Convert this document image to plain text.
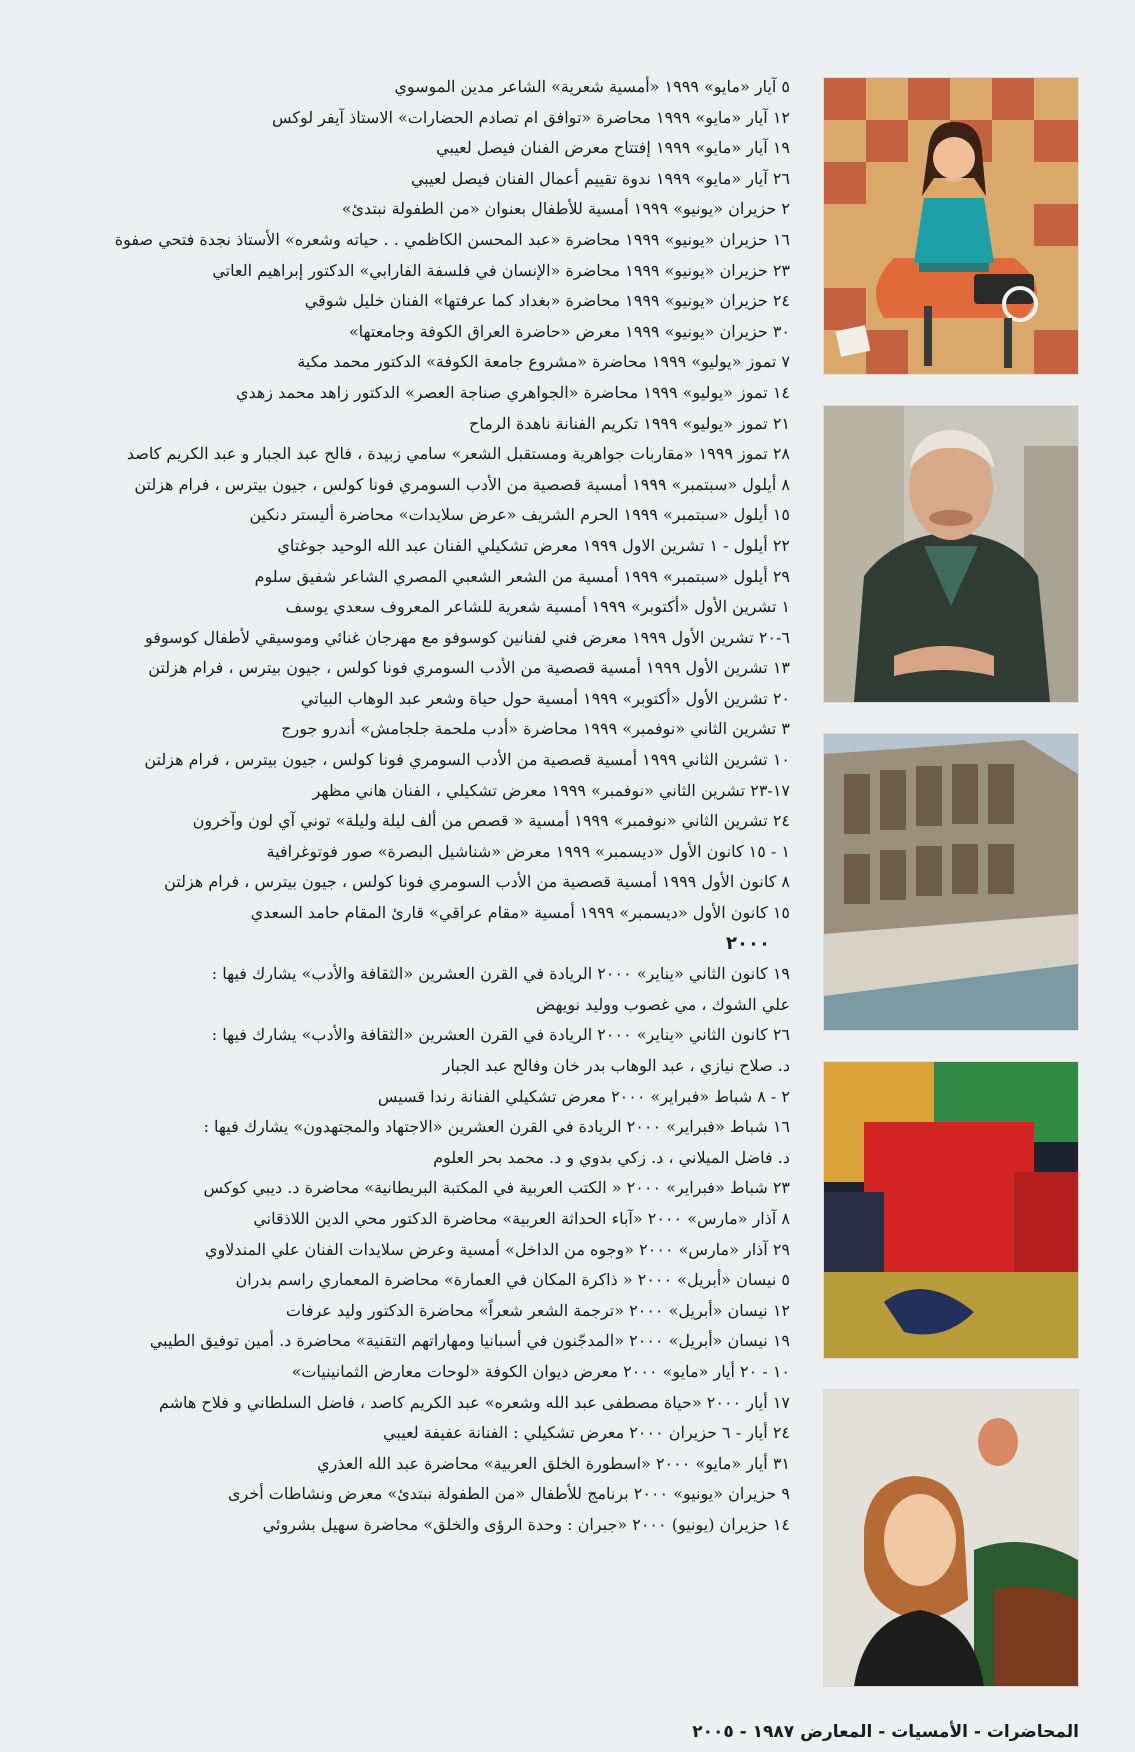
٥ آيار «مايو» ١٩٩٩ «أمسية شعرية» الشاعر مدين الموسوي
١٢ آيار «مايو» ١٩٩٩ محاضرة «توافق ام تصادم الحضارات» الاستاذ آيفر لوكس
١٩ آيار «مايو» ١٩٩٩ إفتتاح معرض الفنان فيصل لعيبي
٢٦ آيار «مايو» ١٩٩٩ ندوة تقييم أعمال الفنان فيصل لعيبي
٢ حزيران «يونيو» ١٩٩٩ أمسية للأطفال بعنوان «من الطفولة نبتدئ»
١٦ حزيران «يونيو» ١٩٩٩ محاضرة «عبد المحسن الكاظمي . . حياته وشعره» الأستاذ نجدة فتحي صفوة
٢٣ حزيران «يونيو» ١٩٩٩ محاضرة «الإنسان في فلسفة الفارابي» الدكتور إبراهيم العاتي
٢٤ حزيران «يونيو» ١٩٩٩ محاضرة «بغداد كما عرفتها» الفنان خليل شوقي
٣٠ حزيران «يونيو» ١٩٩٩ معرض «حاضرة العراق الكوفة وجامعتها»
٧ تموز «يوليو» ١٩٩٩ محاضرة «مشروع جامعة الكوفة» الدكتور محمد مكية
١٤ تموز «يوليو» ١٩٩٩ محاضرة «الجواهري صناجة العصر» الدكتور زاهد محمد زهدي
٢١ تموز «يوليو» ١٩٩٩ تكريم الفنانة ناهدة الرماح
٢٨ تموز ١٩٩٩ «مقاربات جواهرية ومستقبل الشعر» سامي زبيدة ، فالح عبد الجبار و عبد الكريم كاصد
٨ أيلول «سبتمبر» ١٩٩٩ أمسية قصصية من الأدب السومري فونا كولس ، جيون بيترس ، فرام هزلتن
١٥ أيلول «سبتمبر» ١٩٩٩ الحرم الشريف «عرض سلايدات» محاضرة أليستر دنكين
٢٢ أيلول - ١ تشرين الاول ١٩٩٩ معرض تشكيلي الفنان عبد الله الوحيد جوغتاي
٢٩ أيلول «سبتمبر» ١٩٩٩ أمسية من الشعر الشعبي المصري الشاعر شفيق سلوم
١ تشرين الأول «أكتوبر» ١٩٩٩ أمسية شعرية للشاعر المعروف سعدي يوسف
٦-٢٠ تشرين الأول ١٩٩٩ معرض فني لفنانين كوسوفو مع مهرجان غنائي وموسيقي لأطفال كوسوفو
١٣ تشرين الأول ١٩٩٩ أمسية قصصية من الأدب السومري فونا كولس ، جيون بيترس ، فرام هزلتن
٢٠ تشرين الأول «أكتوبر» ١٩٩٩ أمسية حول حياة وشعر عبد الوهاب البياتي
٣ تشرين الثاني «نوفمبر» ١٩٩٩ محاضرة «أدب ملحمة جلجامش» أندرو جورج
١٠ تشرين الثاني ١٩٩٩ أمسية قصصية من الأدب السومري فونا كولس ، جيون بيترس ، فرام هزلتن
١٧-٢٣ تشرين الثاني «نوفمبر» ١٩٩٩ معرض تشكيلي ، الفنان هاني مظهر
٢٤ تشرين الثاني «نوفمبر» ١٩٩٩ أمسية « قصص من ألف ليلة وليلة» توني آي لون وآخرون
١ - ١٥ كانون الأول «ديسمبر» ١٩٩٩ معرض «شناشيل البصرة» صور فوتوغرافية
٨ كانون الأول ١٩٩٩ أمسية قصصية من الأدب السومري فونا كولس ، جيون بيترس ، فرام هزلتن
١٥ كانون الأول «ديسمبر» ١٩٩٩ أمسية «مقام عراقي» قارئ المقام حامد السعدي
٢٠٠٠
١٩ كانون الثاني «يناير» ٢٠٠٠ الريادة في القرن العشرين «الثقافة والأدب» يشارك فيها :
علي الشوك ، مي غصوب ووليد نويهض
٢٦ كانون الثاني «يناير» ٢٠٠٠ الريادة في القرن العشرين «الثقافة والأدب» يشارك فيها :
د. صلاح نيازي ، عبد الوهاب بدر خان وفالح عبد الجبار
٢ - ٨ شباط «فبراير» ٢٠٠٠ معرض تشكيلي الفنانة رندا قسيس
١٦ شباط «فبراير» ٢٠٠٠ الريادة في القرن العشرين «الاجتهاد والمجتهدون» يشارك فيها :
د. فاضل الميلاني ، د. زكي بدوي و د. محمد بحر العلوم
٢٣ شباط «فبراير» ٢٠٠٠ « الكتب العربية في المكتبة البريطانية» محاضرة د. ديبي كوكس
٨ آذار «مارس» ٢٠٠٠ «آباء الحداثة العربية» محاضرة الدكتور محي الدين اللاذقاني
٢٩ آذار «مارس» ٢٠٠٠ «وجوه من الداخل» أمسية وعرض سلايدات الفنان علي المندلاوي
٥ نيسان «أبريل» ٢٠٠٠ « ذاكرة المكان في العمارة» محاضرة المعماري راسم بدران
١٢ نيسان «أبريل» ٢٠٠٠ «ترجمة الشعر شعراً» محاضرة الدكتور وليد عرفات
١٩ نيسان «أبريل» ٢٠٠٠ «المدجّنون في أسبانيا ومهاراتهم التقنية» محاضرة د. أمين توفيق الطيبي
١٠ - ٢٠ أيار «مايو» ٢٠٠٠ معرض ديوان الكوفة «لوحات معارض الثمانينيات»
١٧ أيار ٢٠٠٠ «حياة مصطفى عبد الله وشعره» عبد الكريم كاصد ، فاضل السلطاني و فلاح هاشم
٢٤ أيار - ٦ حزيران ٢٠٠٠ معرض تشكيلي : الفنانة عفيفة لعيبي
٣١ أيار «مايو» ٢٠٠٠ «اسطورة الخلق العربية» محاضرة عبد الله العذري
٩ حزيران «يونيو» ٢٠٠٠ برنامج للأطفال «من الطفولة نبتدئ» معرض ونشاطات أخرى
١٤ حزيران (يونيو) ٢٠٠٠ «جبران : وحدة الرؤى والخلق» محاضرة سهيل بشروئي
المحاضرات - الأمسيات - المعارض ١٩٨٧ - ٢٠٠٥
